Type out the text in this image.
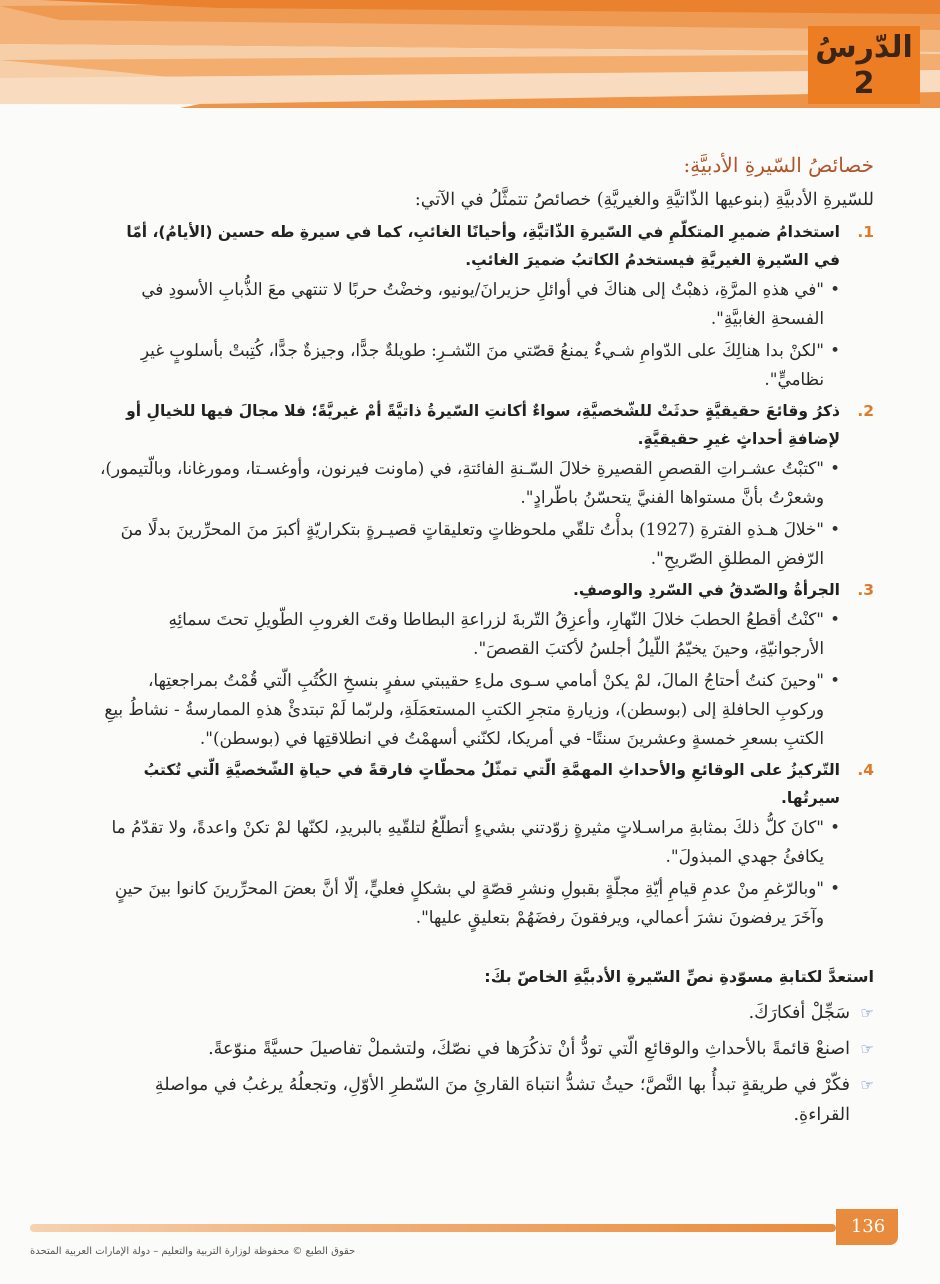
الدّرسُ
2
خصائصُ السّيرةِ الأدبيَّةِ:
للسّيرةِ الأدبيَّةِ (بنوعيها الذّاتيَّةِ والغيريَّةِ) خصائصُ تتمثَّلُ في الآتي:
1.
استخدامُ ضميرِ المتكلّمِ في السّيرةِ الذّاتيَّةِ، وأحيانًا الغائبِ، كما في سيرةِ طه حسين (الأيامُ)، أمّا في السّيرةِ الغيريَّةِ فيستخدمُ الكاتبُ ضميرَ الغائبِ.
• "في هذهِ المرَّةِ، ذهبْتُ إلى هناكَ في أوائلِ حزيرانَ/يونيو، وخضْتُ حربًا لا تنتهي معَ الذُّبابِ الأسودِ في الفسحةِ الغابيَّةِ".
• "لكنْ بدا هنالِكَ على الدّوامِ شـيءٌ يمنعُ قصّتي منَ النّشـرِ: طويلةٌ جدًّا، وجيزةٌ جدًّا، كُتِبتْ بأسلوبٍ غيرِ نظاميٍّ".
2.
ذكرُ وقائعَ حقيقيَّةٍ حدثَتْ للشّخصيَّةِ، سواءٌ أكانتِ السّيرةُ ذاتيَّةً أمْ غيريَّةً؛ فلا مجالَ فيها للخيالِ أو لإضافةِ أحداثٍ غيرِ حقيقيَّةٍ.
• "كتبْتُ عشـراتِ القصصِ القصيرةِ خلالَ السّـنةِ الفائتةِ، في (ماونت فيرنون، وأوغسـتا، ومورغانا، وبالّتيمور)، وشعرْتُ بأنَّ مستواها الفنيَّ يتحسّنُ باطّرادٍ".
• "خلالَ هـذهِ الفترةِ (1927) بدأْتُ تلقّي ملحوظاتٍ وتعليقاتٍ قصيـرةٍ بتكراريّةٍ أكبرَ منَ المحرِّرينَ بدلًا منَ الرّفضِ المطلقِ الصّريحِ".
3.
الجرأةُ والصّدقُ في السّردِ والوصفِ.
• "كنْتُ أقطعُ الحطبَ خلالَ النّهارِ، وأعزِقُ التّربةَ لزراعةِ البطاطا وقتَ الغروبِ الطّويلِ تحتَ سمائِهِ الأرجوانيّةِ، وحينَ يخيّمُ اللّيلُ أجلسُ لأكتبَ القصصَ".
• "وحينَ كنتُ أحتاجُ المالَ، لمْ يكنْ أمامي سـوى ملءِ حقيبتي سفرٍ بنسخِ الكُتُبِ الّتي قُمْتُ بمراجعتِها، وركوبِ الحافلةِ إلى (بوسطن)، وزيارةِ متجرِ الكتبِ المستعمَلَةِ، ولربّما لَمْ تبتدئْ هذهِ الممارسةُ - نشاطُ بيعِ الكتبِ بسعرِ خمسةٍ وعشرينَ سنتًا- في أمريكا، لكنّني أسهمْتُ في انطلاقتِها في (بوسطن)".
4.
التّركيزُ على الوقائعِ والأحداثِ المهمَّةِ الّتي تمثّلُ محطّاتٍ فارقةً في حياةِ الشّخصيَّةِ الّتي تُكتبُ سيرتُها.
• "كانَ كلُّ ذلكَ بمثابةِ مراسـلاتٍ مثيرةٍ زوّدتني بشيءٍ أتطلّعُ لتلقّيهِ بالبريدِ، لكنّها لمْ تكنْ واعدةً، ولا تقدّمُ ما يكافئُ جهدي المبذولَ".
• "وبالرّغمِ منْ عدمِ قيامِ أيّةِ مجلّةٍ بقبولِ ونشرِ قصّةٍ لي بشكلٍ فعليٍّ، إلّا أنَّ بعضَ المحرِّرينَ كانوا بينَ حينٍ وآخَرَ يرفضونَ نشرَ أعمالي، ويرفقونَ رفضَهُمْ بتعليقٍ عليها".
استعدَّ لكتابةِ مسوّدةِ نصِّ السّيرةِ الأدبيَّةِ الخاصّ بكَ:
☞
سَجِّلْ أفكارَكَ.
☞
اصنعْ قائمةً بالأحداثِ والوقائعِ الّتي تودُّ أنْ تذكُرَها في نصّكَ، ولتشملْ تفاصيلَ حسيَّةً منوّعةً.
☞
فكّرْ في طريقةٍ تبدأُ بها النَّصَّ؛ حيثُ تشدُّ انتباهَ القارئِ منَ السّطرِ الأوّلِ، وتجعلُهُ يرغبُ في مواصلةِ القراءةِ.
136
حقوق الطبع © محفوظة لوزارة التربية والتعليم – دولة الإمارات العربية المتحدة
